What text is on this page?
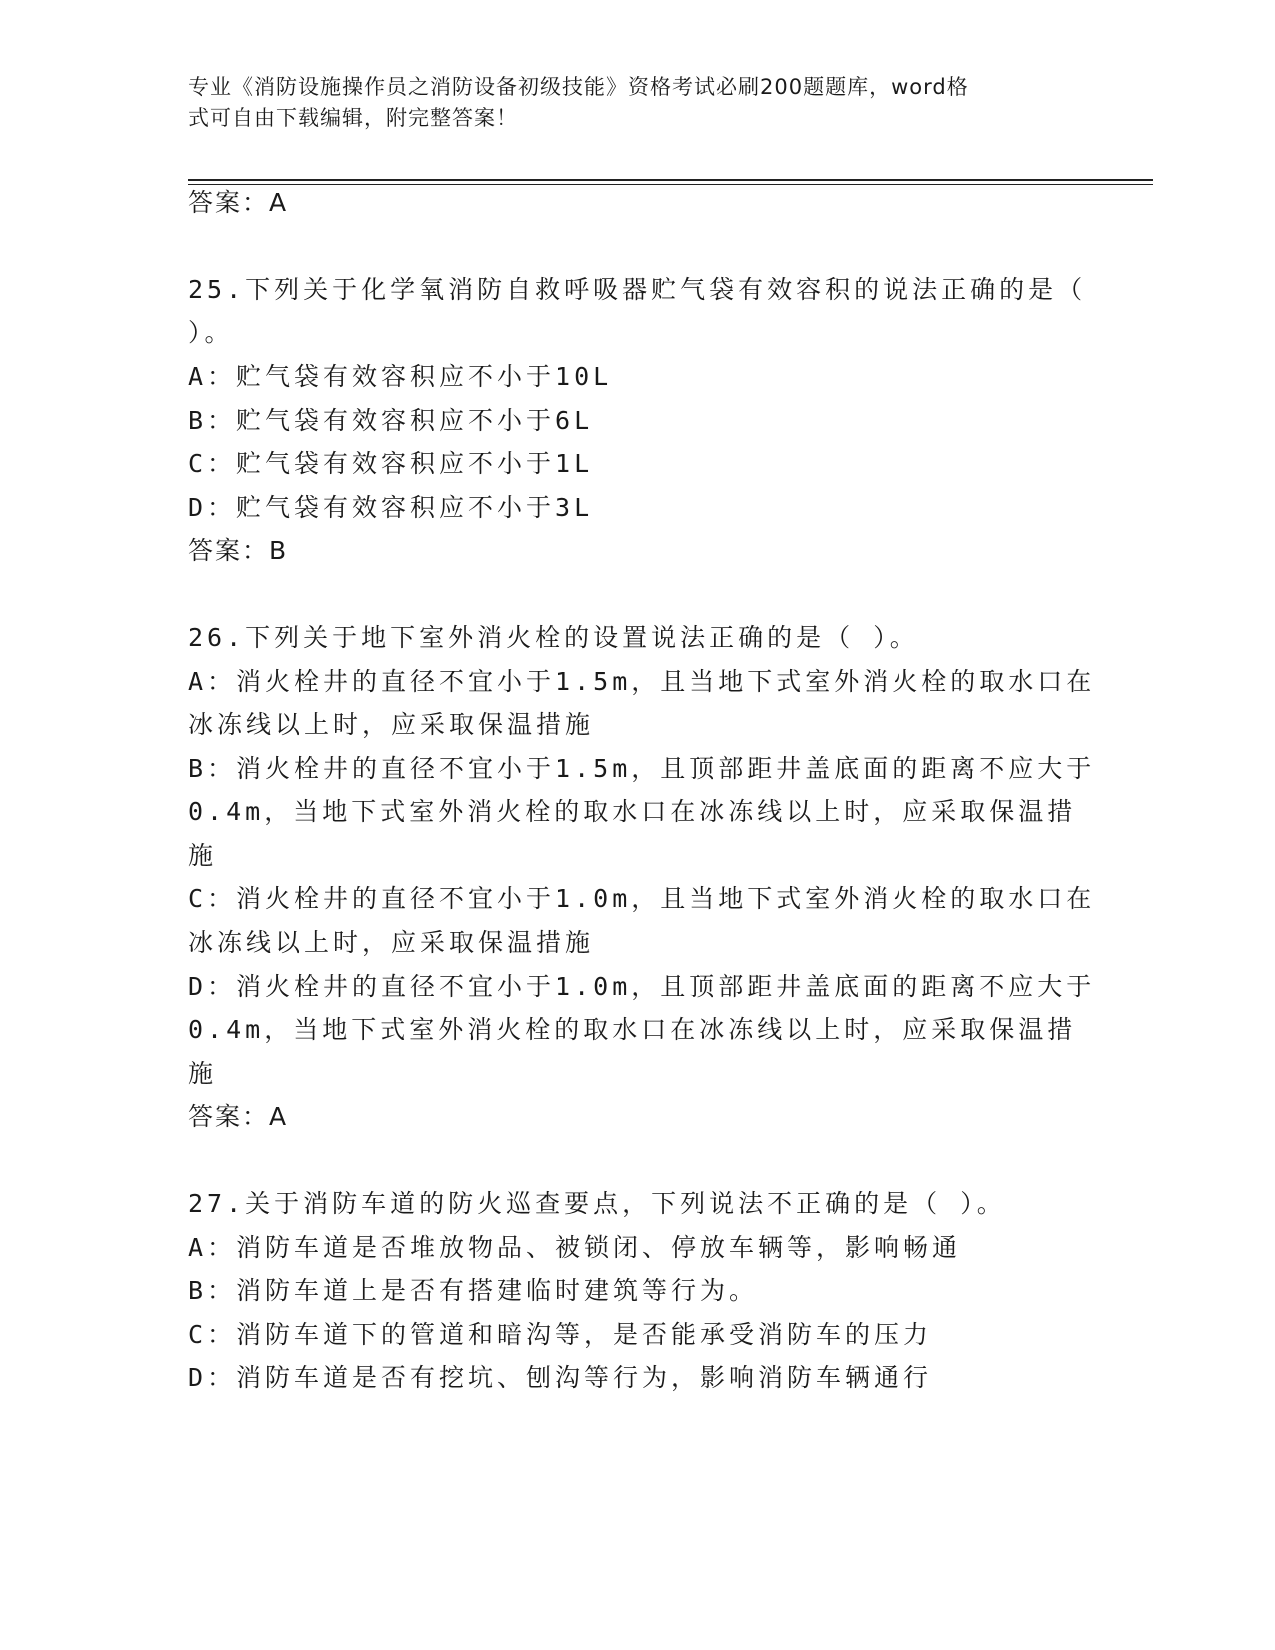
专业《消防设施操作员之消防设备初级技能》资格考试必刷200题题库，word格
式可自由下载编辑，附完整答案！
答案：A
25.下列关于化学氧消防自救呼吸器贮气袋有效容积的说法正确的是（
）。
A：贮气袋有效容积应不小于10L
B：贮气袋有效容积应不小于6L
C：贮气袋有效容积应不小于1L
D：贮气袋有效容积应不小于3L
答案：B
26.下列关于地下室外消火栓的设置说法正确的是（ ）。
A：消火栓井的直径不宜小于1.5m，且当地下式室外消火栓的取水口在
冰冻线以上时，应采取保温措施
B：消火栓井的直径不宜小于1.5m，且顶部距井盖底面的距离不应大于
0.4m，当地下式室外消火栓的取水口在冰冻线以上时，应采取保温措
施
C：消火栓井的直径不宜小于1.0m，且当地下式室外消火栓的取水口在
冰冻线以上时，应采取保温措施
D：消火栓井的直径不宜小于1.0m，且顶部距井盖底面的距离不应大于
0.4m，当地下式室外消火栓的取水口在冰冻线以上时，应采取保温措
施
答案：A
27.关于消防车道的防火巡查要点，下列说法不正确的是（ ）。
A：消防车道是否堆放物品、被锁闭、停放车辆等，影响畅通
B：消防车道上是否有搭建临时建筑等行为。
C：消防车道下的管道和暗沟等，是否能承受消防车的压力
D：消防车道是否有挖坑、刨沟等行为，影响消防车辆通行
